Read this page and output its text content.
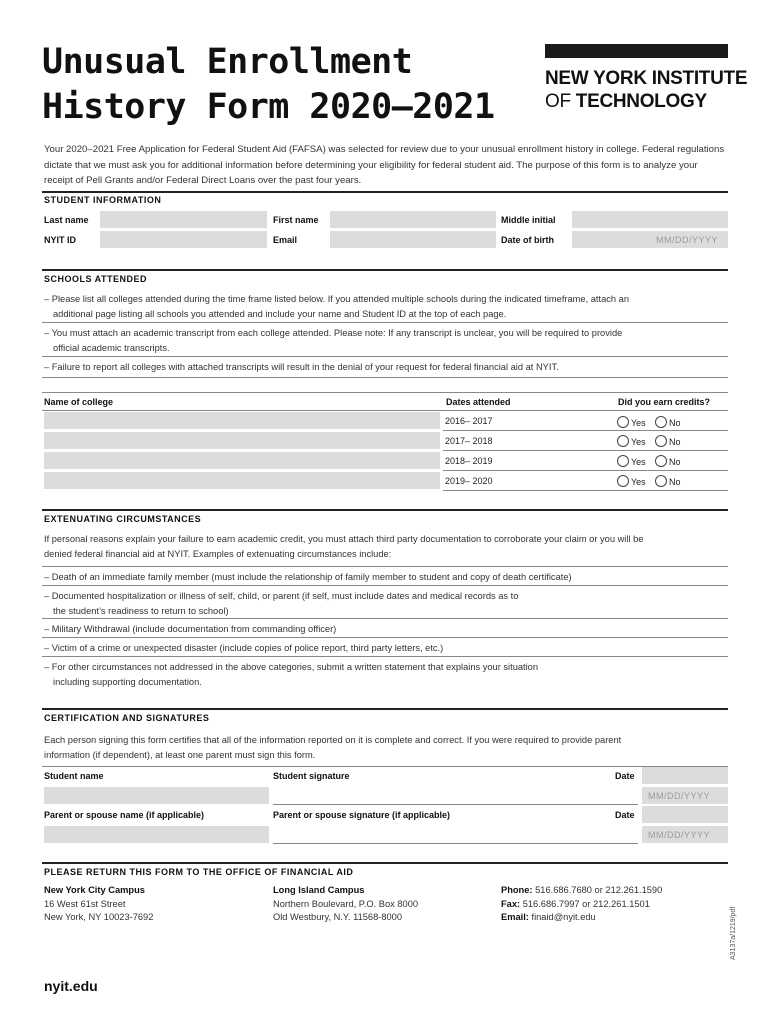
Unusual Enrollment
History Form 2020–2021
NEW YORK INSTITUTE
OF TECHNOLOGY
Your 2020–2021 Free Application for Federal Student Aid (FAFSA) was selected for review due to your unusual enrollment history in college. Federal regulations dictate that we must ask you for additional information before determining your eligibility for federal student aid. The purpose of this form is to analyze your receipt of Pell Grants and/or Federal Direct Loans over the past four years.
STUDENT INFORMATION
Last name	First name	Middle initial
NYIT ID	Email	Date of birth	MM/DD/YYYY
SCHOOLS ATTENDED
– Please list all colleges attended during the time frame listed below. If you attended multiple schools during the indicated timeframe, attach an
additional page listing all schools you attended and include your name and Student ID at the top of each page.
– You must attach an academic transcript from each college attended. Please note: If any transcript is unclear, you will be required to provide
official academic transcripts.
– Failure to report all colleges with attached transcripts will result in the denial of your request for federal financial aid at NYIT.
Name of college	Dates attended	Did you earn credits?
2016– 2017	Yes	No
2017– 2018	Yes	No
2018– 2019	Yes	No
2019– 2020	Yes	No
EXTENUATING CIRCUMSTANCES
If personal reasons explain your failure to earn academic credit, you must attach third party documentation to corroborate your claim or you will be
denied federal financial aid at NYIT. Examples of extenuating circumstances include:
– Death of an immediate family member (must include the relationship of family member to student and copy of death certificate)
– Documented hospitalization or illness of self, child, or parent (if self, must include dates and medical records as to
the student’s readiness to return to school)
– Military Withdrawal (include documentation from commanding officer)
– Victim of a crime or unexpected disaster (include copies of police report, third party letters, etc.)
– For other circumstances not addressed in the above categories, submit a written statement that explains your situation
including supporting documentation.
CERTIFICATION AND SIGNATURES
Each person signing this form certifies that all of the information reported on it is complete and correct. If you were required to provide parent
information (if dependent), at least one parent must sign this form.
Student name	Student signature	Date
MM/DD/YYYY
Parent or spouse name (if applicable)	Parent or spouse signature (if applicable)	Date
MM/DD/YYYY
PLEASE RETURN THIS FORM TO THE OFFICE OF FINANCIAL AID
New York City Campus
16 West 61st Street
New York, NY 10023-7692
Long Island Campus
Northern Boulevard, P.O. Box 8000
Old Westbury, N.Y. 11568-8000
Phone: 516.686.7680 or 212.261.1590
Fax: 516.686.7997 or 212.261.1501
Email: finaid@nyit.edu	A3137a/1219/pdf
nyit.edu
